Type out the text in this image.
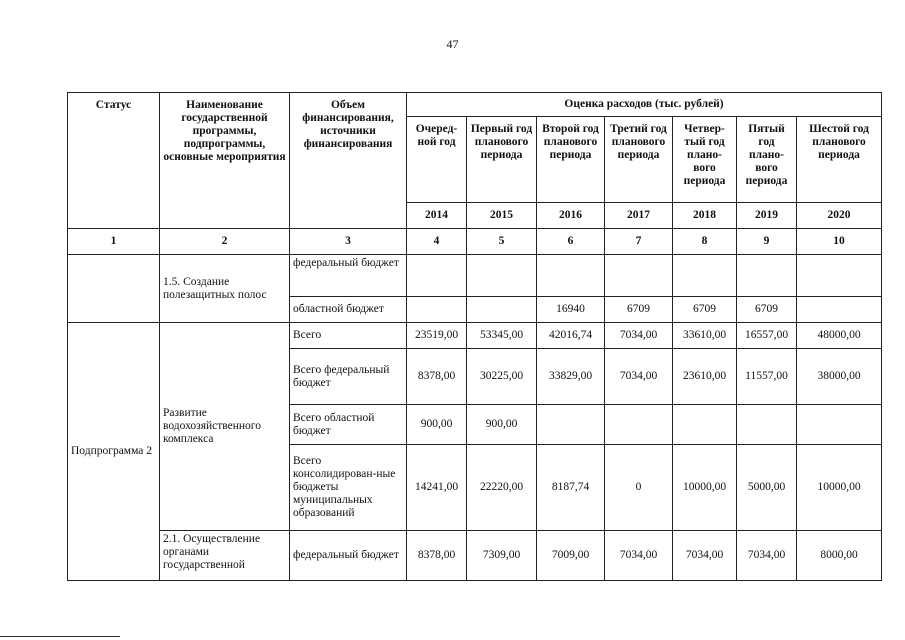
47
Статус	Наименование государственной программы, подпрограммы, основные мероприятия	Объем финансирования, источники финансирования	Оценка расходов (тыс. рублей)						
			Очеред-ной год	Первый год планового периода	Второй год планового периода	Третий год планового периода	Четвер-тый год плано-вого периода	Пятый год плано-вого периода	Шестой год планового периода
			2014	2015	2016	2017	2018	2019	2020
1	2	3	4	5	6	7	8	9	10
	1.5. Создание полезащитных полос	федеральный бюджет							
		областной бюджет			16940	6709	6709	6709	
Подпрограмма 2	Развитие водохозяйственного комплекса	Всего	23519,00	53345,00	42016,74	7034,00	33610,00	16557,00	48000,00
		Всего федеральный бюджет	8378,00	30225,00	33829,00	7034,00	23610,00	11557,00	38000,00
		Всего областной бюджет	900,00	900,00					
		Всего консолидирован-ные бюджеты муниципальных образований	14241,00	22220,00	8187,74	0	10000,00	5000,00	10000,00
	2.1. Осуществление органами государственной	федеральный бюджет	8378,00	7309,00	7009,00	7034,00	7034,00	7034,00	8000,00
